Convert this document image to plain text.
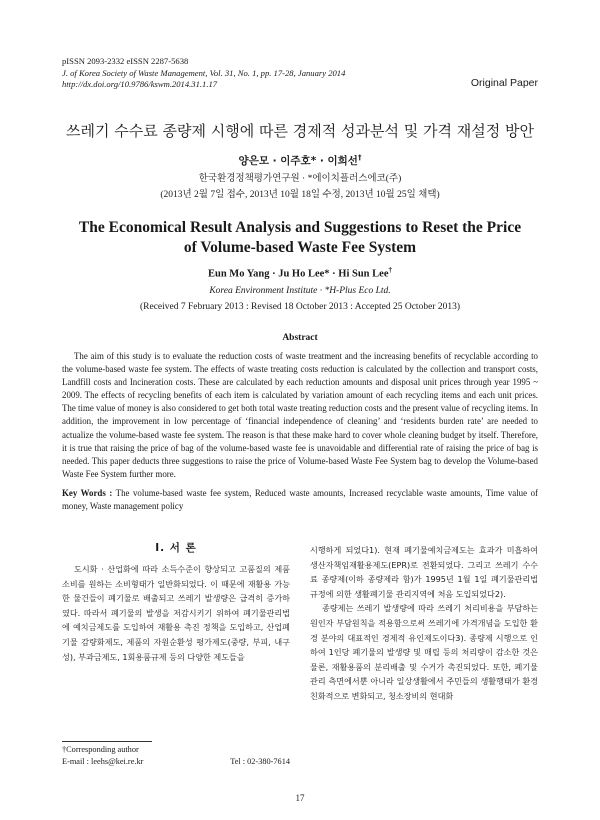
pISSN 2093-2332 eISSN 2287-5638
J. of Korea Society of Waste Management, Vol. 31, No. 1, pp. 17-28, January 2014
http://dx.doi.org/10.9786/kswm.2014.31.1.17	Original Paper
쓰레기 수수료 종량제 시행에 따른 경제적 성과분석 및 가격 재설정 방안
양은모 · 이주호* · 이희선†
한국환경정책평가연구원 · *에이치플러스에코(주)
(2013년 2월 7일 접수, 2013년 10월 18일 수정, 2013년 10월 25일 채택)
The Economical Result Analysis and Suggestions to Reset the Price
of Volume-based Waste Fee System
Eun Mo Yang · Ju Ho Lee* · Hi Sun Lee†
Korea Environment Institute · *H-Plus Eco Ltd.
(Received 7 February 2013 : Revised 18 October 2013 : Accepted 25 October 2013)
Abstract

The aim of this study is to evaluate the reduction costs of waste treatment and the increasing benefits of recyclable according to the volume-based waste fee system. The effects of waste treating costs reduction is calculated by the collection and transport costs, Landfill costs and Incineration costs. These are calculated by each reduction amounts and disposal unit prices through year 1995 ~ 2009. The effects of recycling benefits of each item is calculated by variation amount of each recycling items and each unit prices. The time value of money is also considered to get both total waste treating reduction costs and the present value of recycling items. In addition, the improvement in low percentage of ‘financial independence of cleaning’ and ‘residents burden rate’ are needed to actualize the volume-based waste fee system. The reason is that these make hard to cover whole cleaning budget by itself. Therefore, it is true that raising the price of bag of the volume-based waste fee is unavoidable and differential rate of raising the price of bag is needed. This paper deducts three suggestions to raise the price of Volume-based Waste Fee System bag to develop the Volume-based Waste Fee System further more.

Key Words : The volume-based waste fee system, Reduced waste amounts, Increased recyclable waste amounts, Time value of money, Waste management policy

I. 서 론

도시화 · 산업화에 따라 소득수준이 향상되고 고품질의 제품소비를 원하는 소비형태가 일반화되었다. 이 때문에 재활용 가능한 물건들이 폐기물로 배출되고 쓰레기 발생량은 급격히 증가하였다. 따라서 폐기물의 발생을 저감시키기 위하여 폐기물관리법에 예치금제도를 도입하여 재활용 촉진 정책을 도입하고, 산업폐기물 감량화제도, 제품의 자원순환성 평가제도(중량, 부피, 내구성), 부과금제도, 1회용품규제 등의 다양한 제도들을

시행하게 되었다1). 현재 폐기물예치금제도는 효과가 미흡하여 생산자책임재활용제도(EPR)로 전환되었다. 그리고 쓰레기 수수료 종량제(이하 종량제라 함)가 1995년 1월 1일 폐기물관리법 규정에 의한 생활폐기물 관리지역에 처음 도입되었다2).

종량제는 쓰레기 발생량에 따라 쓰레기 처리비용을 부담하는 원인자 부담원칙을 적용함으로써 쓰레기에 가격개념을 도입한 환경 분야의 대표적인 경제적 유인제도이다3). 종량제 시행으로 인하여 1인당 폐기물의 발생량 및 매립 등의 처리량이 감소한 것은 물론, 재활용품의 분리배출 및 수거가 촉진되었다. 또한, 폐기물 관리 측면에서뿐 아니라 일상생활에서 주민들의 생활행태가 환경 친화적으로 변화되고, 청소장비의 현대화

†Corresponding author
E-mail : leehs@kei.re.kr	Tel : 02-380-7614
17
